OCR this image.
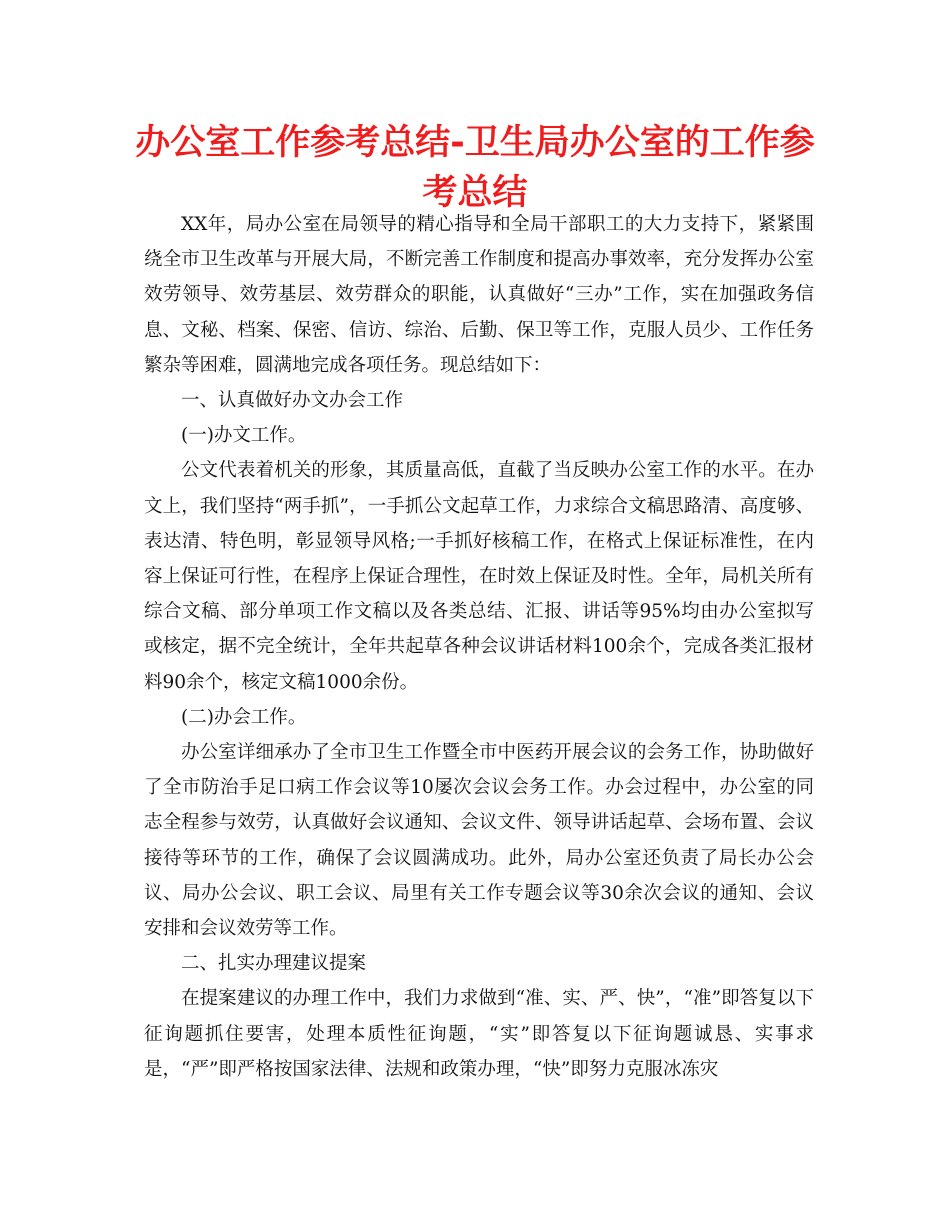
办公室工作参考总结-卫生局办公室的工作参考总结

XX年，局办公室在局领导的精心指导和全局干部职工的大力支持下，紧紧围绕全市卫生改革与开展大局，不断完善工作制度和提高办事效率，充分发挥办公室效劳领导、效劳基层、效劳群众的职能，认真做好“三办”工作，实在加强政务信息、文秘、档案、保密、信访、综治、后勤、保卫等工作，克服人员少、工作任务繁杂等困难，圆满地完成各项任务。现总结如下：

一、认真做好办文办会工作

(一)办文工作。

公文代表着机关的形象，其质量高低，直截了当反映办公室工作的水平。在办文上，我们坚持“两手抓”，一手抓公文起草工作，力求综合文稿思路清、高度够、表达清、特色明，彰显领导风格;一手抓好核稿工作，在格式上保证标准性，在内容上保证可行性，在程序上保证合理性，在时效上保证及时性。全年，局机关所有综合文稿、部分单项工作文稿以及各类总结、汇报、讲话等95%均由办公室拟写或核定，据不完全统计，全年共起草各种会议讲话材料100余个，完成各类汇报材料90余个，核定文稿1000余份。

(二)办会工作。

办公室详细承办了全市卫生工作暨全市中医药开展会议的会务工作，协助做好了全市防治手足口病工作会议等10屡次会议会务工作。办会过程中，办公室的同志全程参与效劳，认真做好会议通知、会议文件、领导讲话起草、会场布置、会议接待等环节的工作，确保了会议圆满成功。此外，局办公室还负责了局长办公会议、局办公会议、职工会议、局里有关工作专题会议等30余次会议的通知、会议安排和会议效劳等工作。

二、扎实办理建议提案

在提案建议的办理工作中，我们力求做到“准、实、严、快”，“准”即答复以下征询题抓住要害，处理本质性征询题，“实”即答复以下征询题诚恳、实事求是，“严”即严格按国家法律、法规和政策办理，“快”即努力克服冰冻灾
